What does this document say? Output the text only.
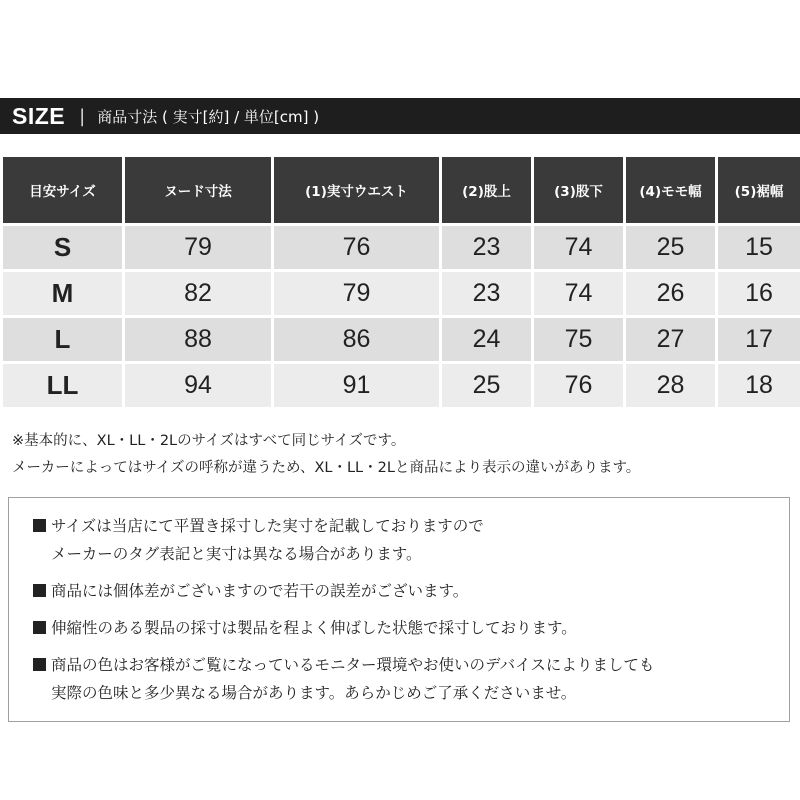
SIZE | 商品寸法 ( 実寸[約] / 単位[cm] )
目安サイズ	ヌード寸法	(1)実寸ウエスト	(2)股上	(3)股下	(4)モモ幅	(5)裾幅
S	79	76	23	74	25	15
M	82	79	23	74	26	16
L	88	86	24	75	27	17
LL	94	91	25	76	28	18

※基本的に、XL・LL・2Lのサイズはすべて同じサイズです。

メーカーによってはサイズの呼称が違うため、XL・LL・2Lと商品により表示の違いがあります。

サイズは当店にて平置き採寸した実寸を記載しておりますので
メーカーのタグ表記と実寸は異なる場合があります。
商品には個体差がございますので若干の誤差がございます。
伸縮性のある製品の採寸は製品を程よく伸ばした状態で採寸しております。
商品の色はお客様がご覧になっているモニター環境やお使いのデバイスによりましても
実際の色味と多少異なる場合があります。あらかじめご了承くださいませ。
